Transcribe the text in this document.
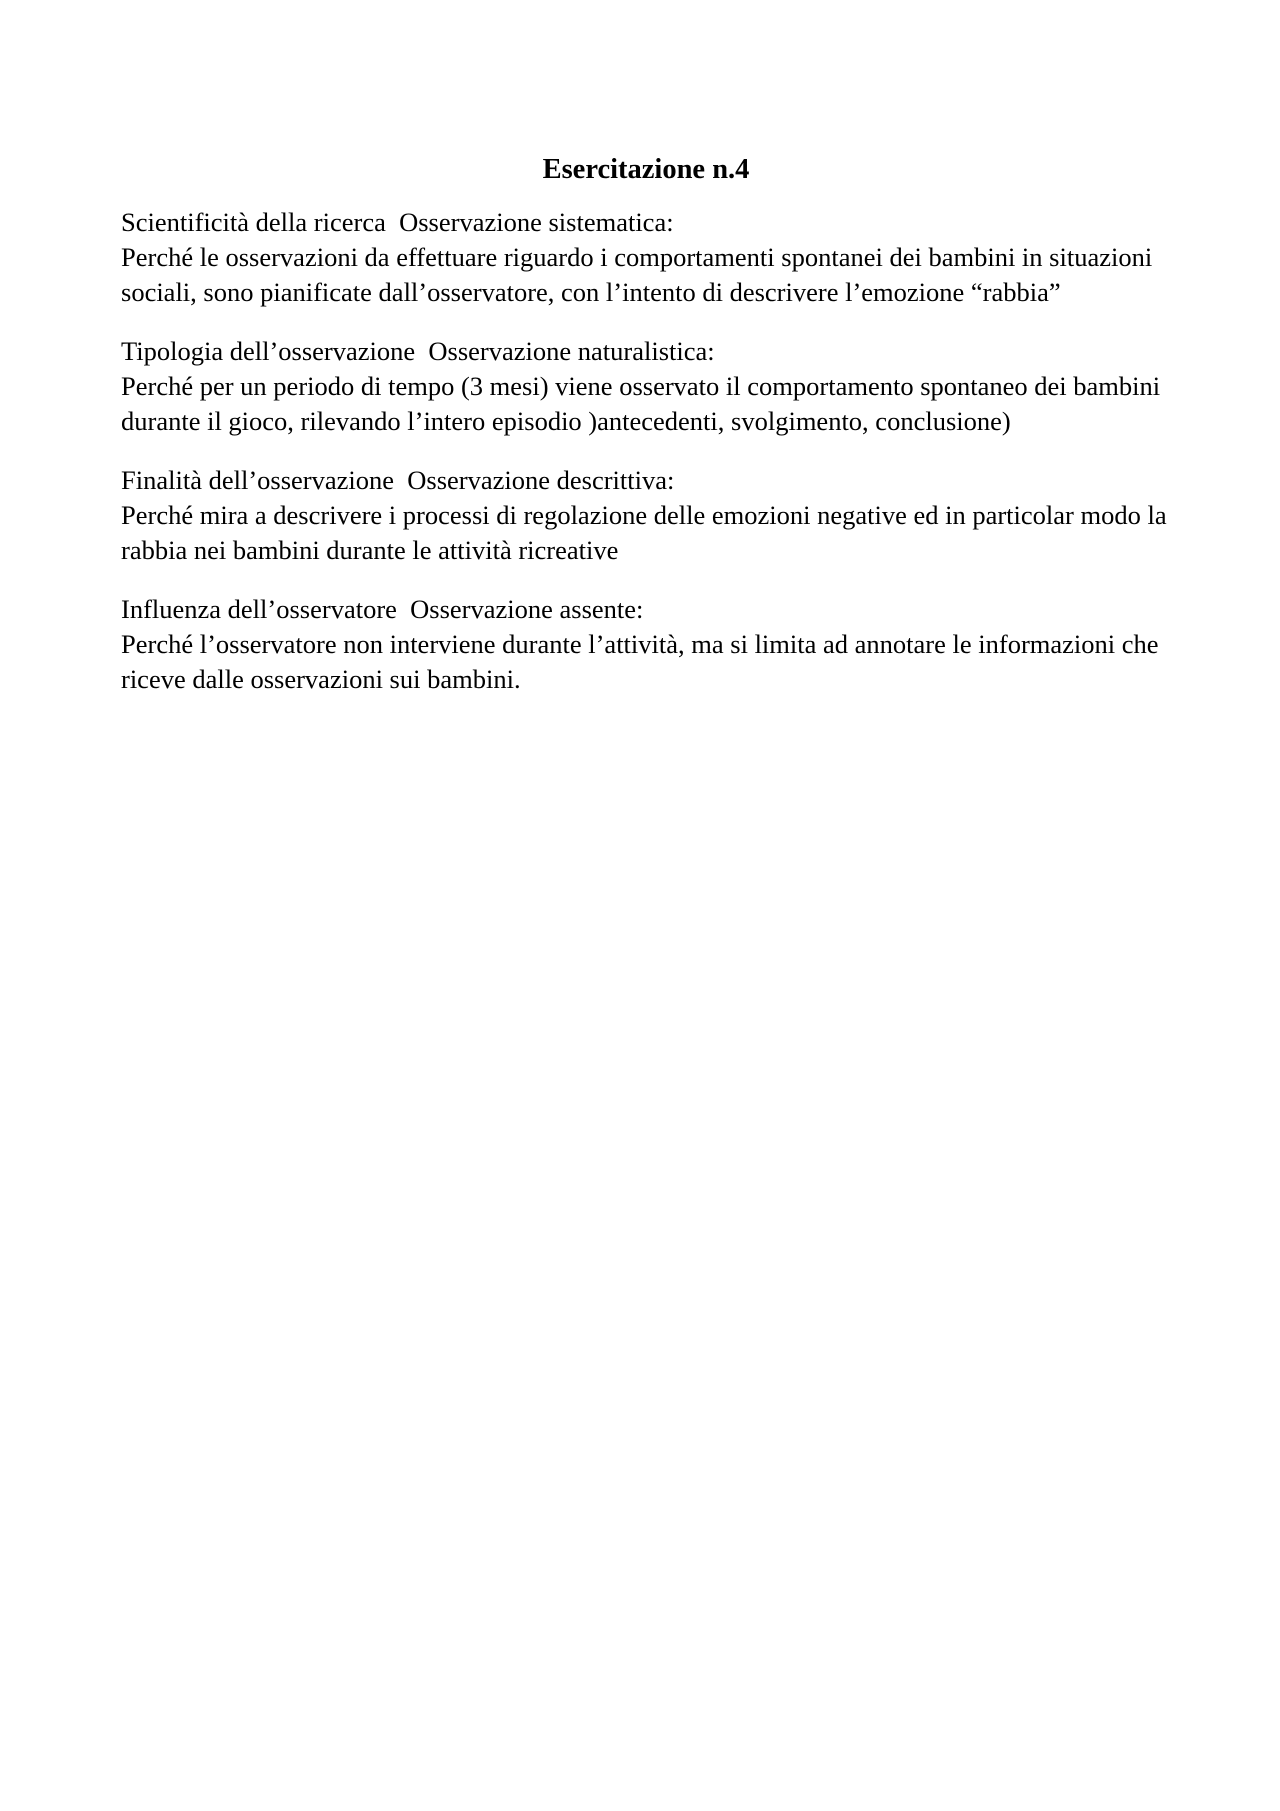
Esercitazione n.4

Scientificità della ricerca  Osservazione sistematica:

Perché le osservazioni da effettuare riguardo i comportamenti spontanei dei bambini in situazioni sociali, sono pianificate dall’osservatore, con l’intento di descrivere l’emozione “rabbia”

Tipologia dell’osservazione  Osservazione naturalistica:

Perché per un periodo di tempo (3 mesi) viene osservato il comportamento spontaneo dei bambini durante il gioco, rilevando l’intero episodio )antecedenti, svolgimento, conclusione)

Finalità dell’osservazione  Osservazione descrittiva:

Perché mira a descrivere i processi di regolazione delle emozioni negative ed in particolar modo la rabbia nei bambini durante le attività ricreative

Influenza dell’osservatore  Osservazione assente:

Perché l’osservatore non interviene durante l’attività, ma si limita ad annotare le informazioni che riceve dalle osservazioni sui bambini.
